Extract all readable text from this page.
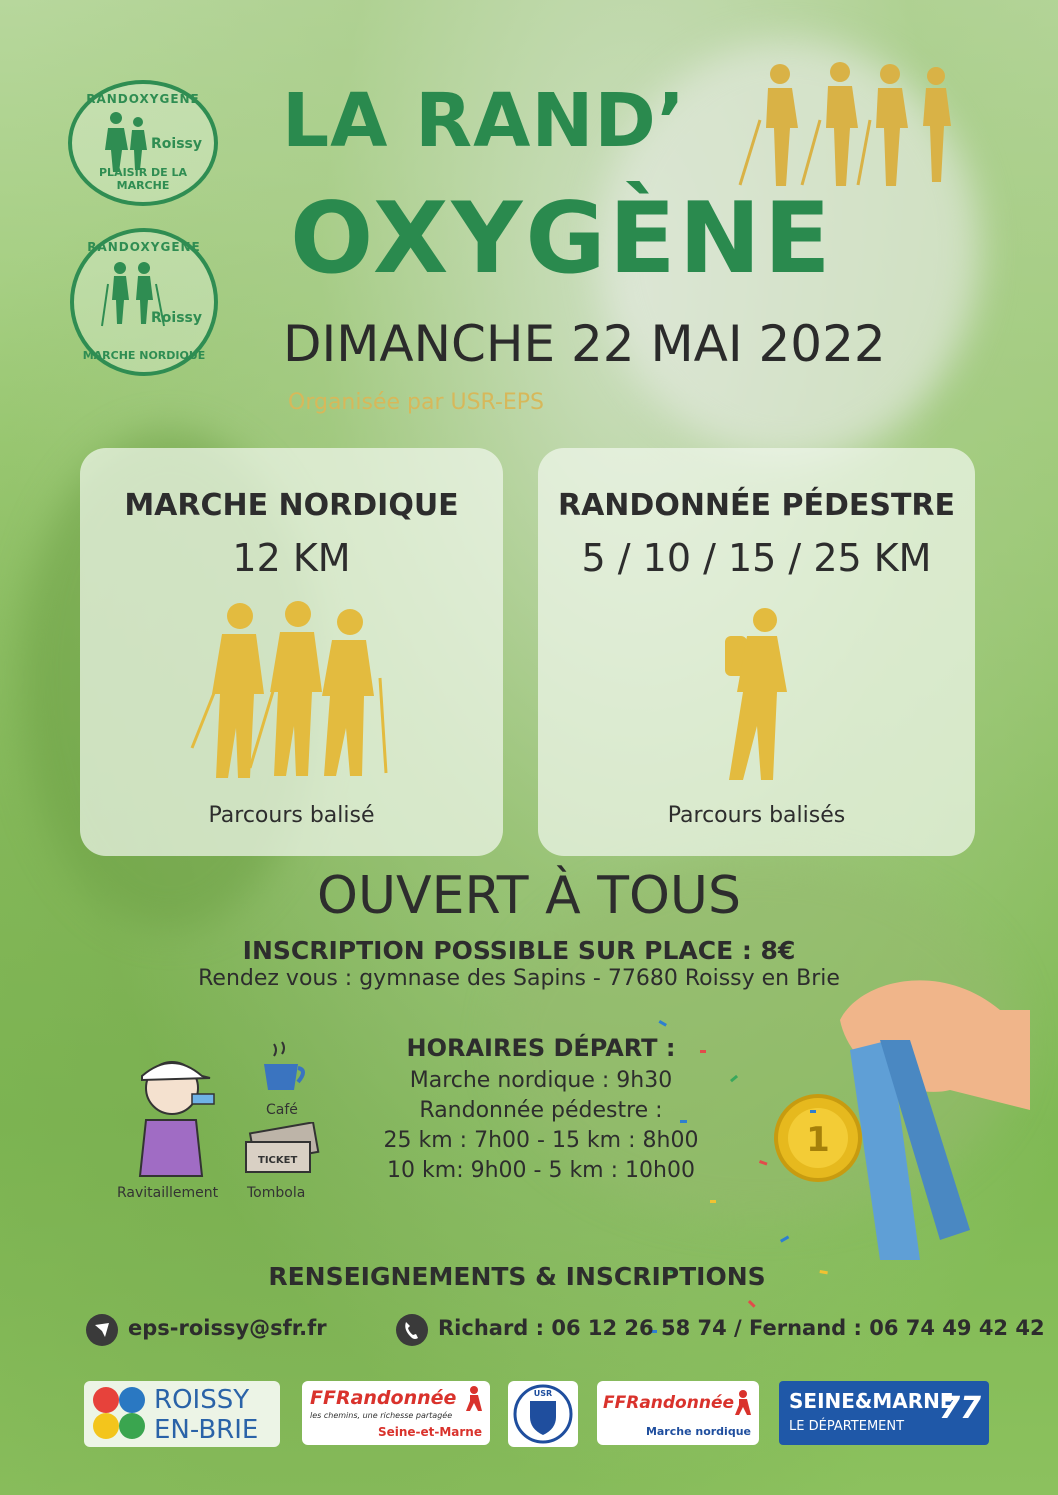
RANDOXYGENE
Roissy
PLAISIR DE LA MARCHE
RANDOXYGENE
Roissy
MARCHE NORDIQUE
LA RAND’
OXYGÈNE
DIMANCHE 22 MAI 2022
Organisée par USR-EPS
MARCHE NORDIQUE
12 KM
Parcours balisé
RANDONNÉE PÉDESTRE
5 / 10 / 15 / 25 KM
Parcours balisés
OUVERT À TOUS
INSCRIPTION POSSIBLE SUR PLACE : 8€
Rendez vous : gymnase des Sapins - 77680 Roissy en Brie
1
Ravitaillement
Café
TICKET
Tombola
HORAIRES DÉPART :
Marche nordique : 9h30
Randonnée pédestre :
25 km : 7h00 - 15 km : 8h00
10 km: 9h00 - 5 km : 10h00
RENSEIGNEMENTS & INSCRIPTIONS
eps-roissy@sfr.fr	Richard : 06 12 26 58 74 / Fernand : 06 74 49 42 42
ROISSY
EN-BRIE
FFRandonnée
les chemins, une richesse partagée
Seine-et-Marne
USR	FFRandonnée
Marche nordique
SEINE&MARNE
LE DÉPARTEMENT
77
